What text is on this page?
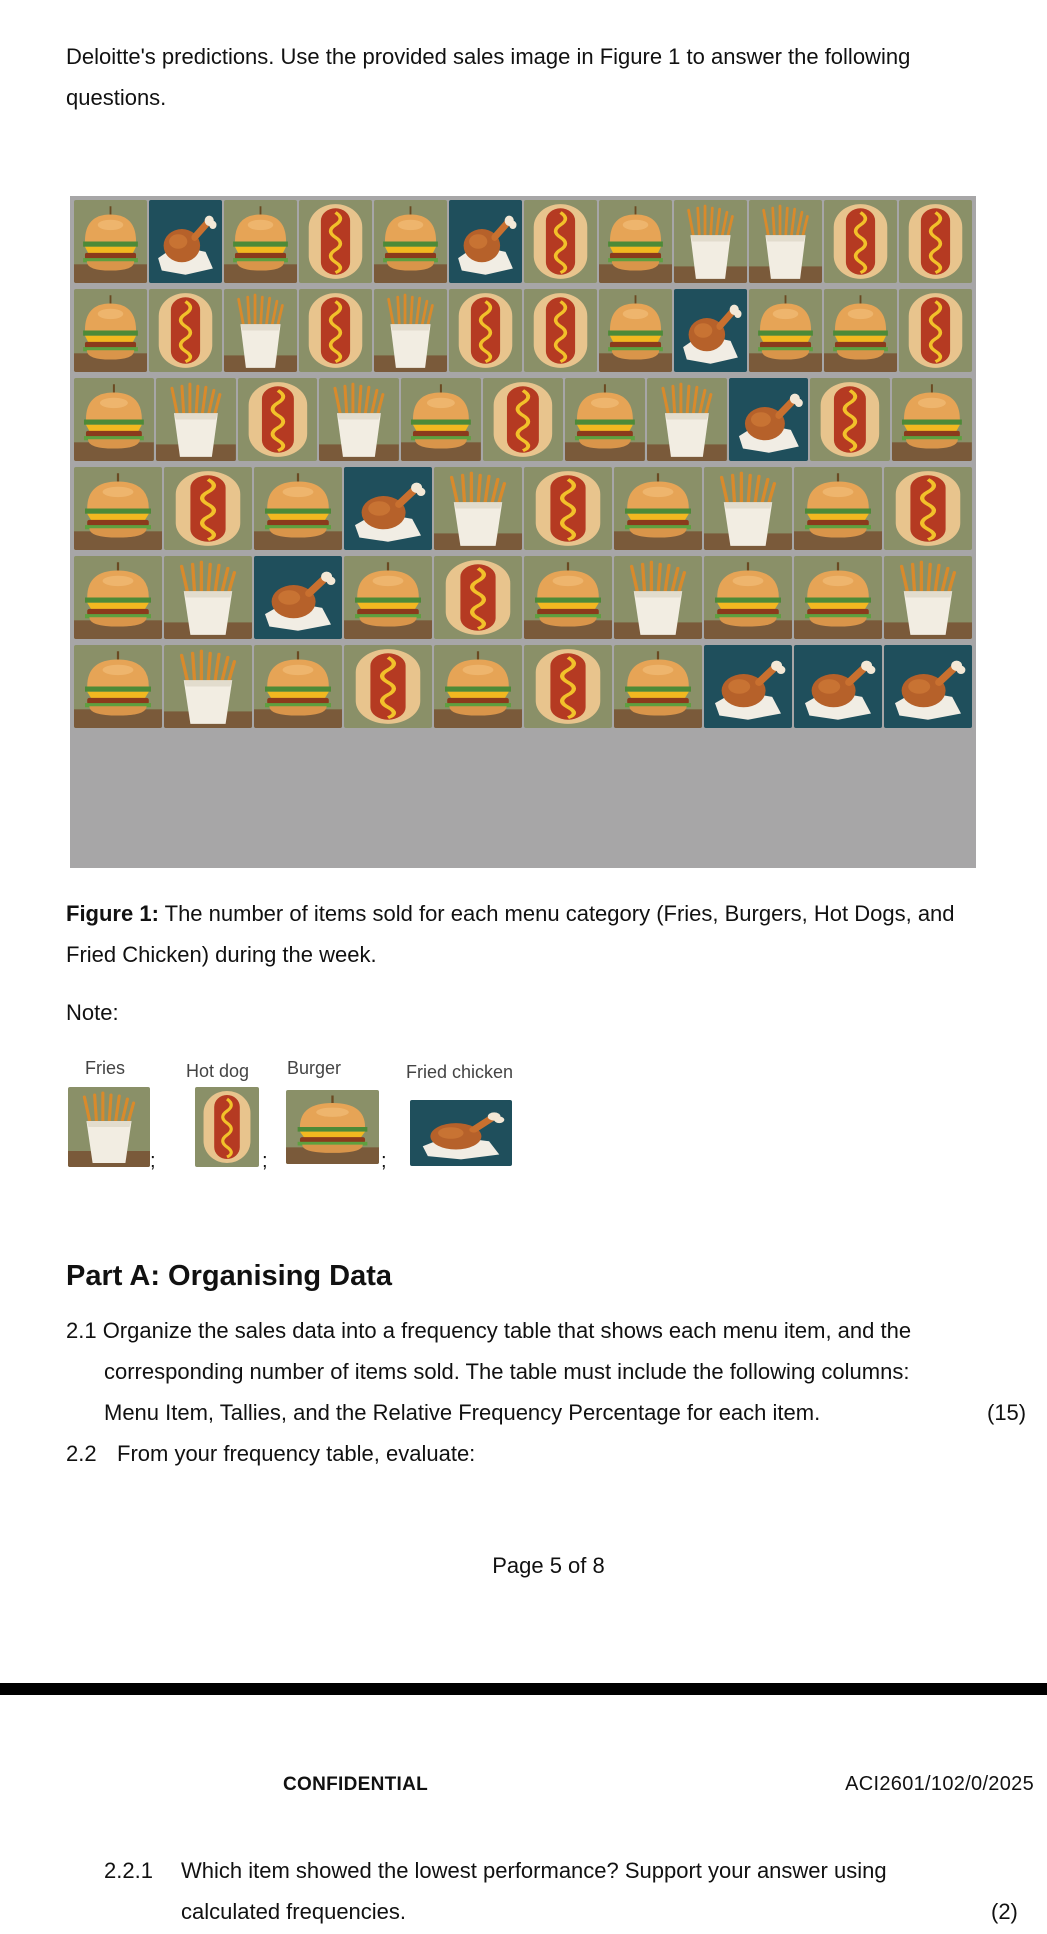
Deloitte's predictions. Use the provided sales image in Figure 1 to answer the following
questions.
Figure 1: The number of items sold for each menu category (Fries, Burgers, Hot Dogs, and
Fried Chicken) during the week.
Note:
Fries	Hot dog Burger	Fried chicken
;	;	;
Part A: Organising Data
2.1 Organize the sales data into a frequency table that shows each menu item, and the
corresponding number of items sold. The table must include the following columns:
Menu Item, Tallies, and the Relative Frequency Percentage for each item.	(15)
2.2 From your frequency table, evaluate:
Page 5 of 8
CONFIDENTIAL	ACI2601/102/0/2025
2.2.1 Which item showed the lowest performance? Support your answer using
calculated frequencies.	(2)
